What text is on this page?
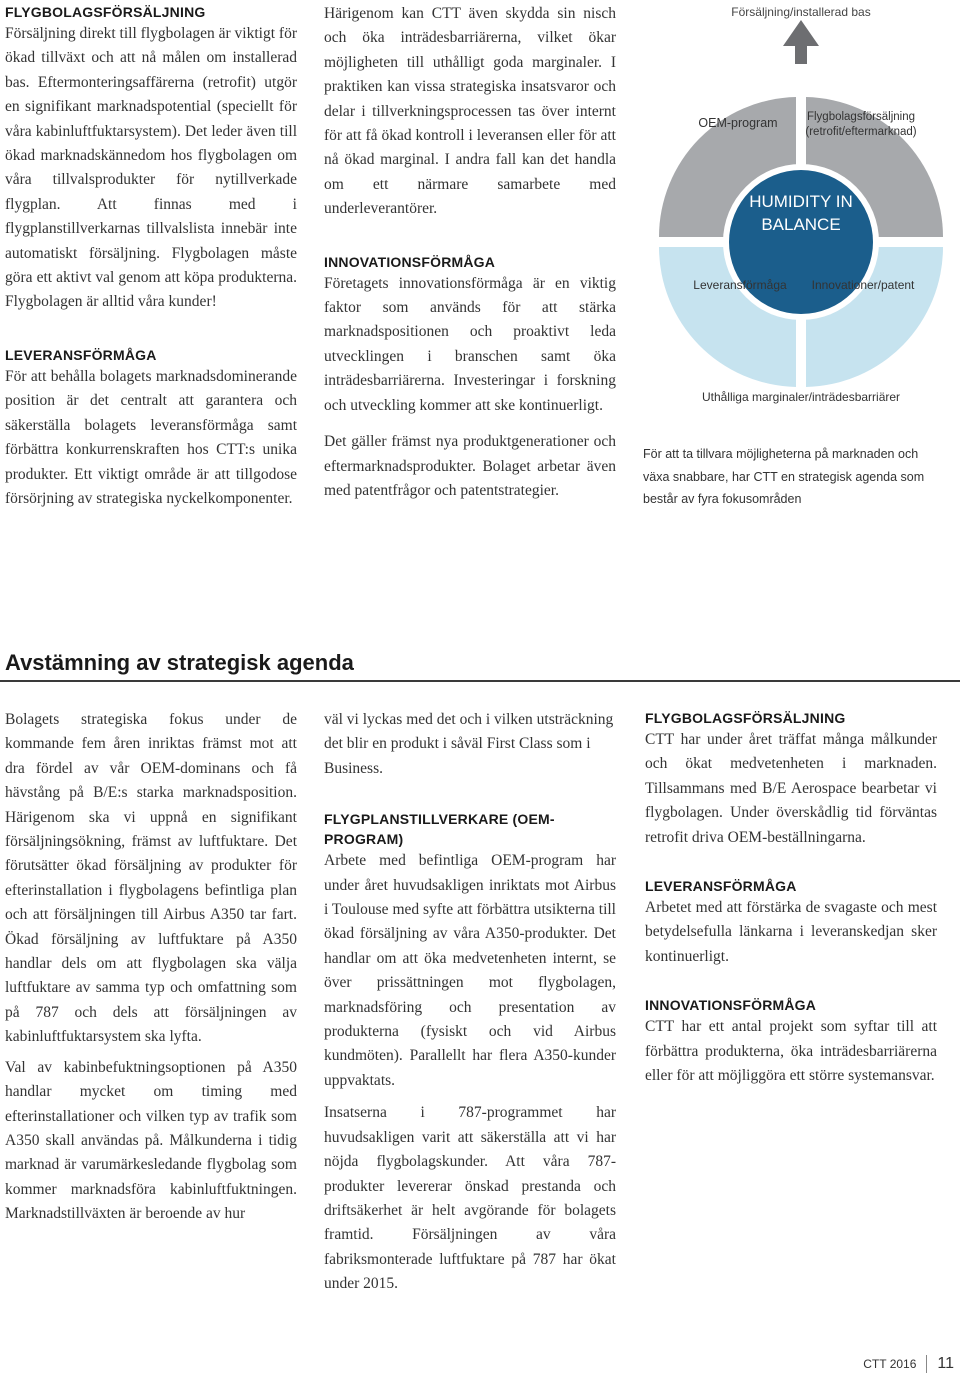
FLYGBOLAGSFÖRSÄLJNING

Försäljning direkt till flygbolagen är viktigt för ökad tillväxt och att nå målen om installerad bas. Eftermonteringsaffärerna (retrofit) utgör en signifikant marknadspotential (speciellt för våra kabinluftfuktarsystem). Det leder även till ökad marknadskännedom hos flygbolagen om våra tillvalsprodukter för nytillverkade flygplan. Att finnas med i flygplanstillverkarnas tillvalslista innebär inte automatiskt försäljning. Flygbolagen måste göra ett aktivt val genom att köpa produkterna. Flygbolagen är alltid våra kunder!

LEVERANSFÖRMÅGA

För att behålla bolagets marknadsdominerande position är det centralt att garantera och säkerställa bolagets leveransförmåga samt förbättra konkurrenskraften hos CTT:s unika produkter. Ett viktigt område är att tillgodose försörjning av strategiska nyckelkomponenter.

Härigenom kan CTT även skydda sin nisch och öka inträdesbarriärerna, vilket ökar möjligheten till uthålligt goda marginaler. I praktiken kan vissa strategiska insatsvaror och delar i tillverkningsprocessen tas över internt för att få ökad kontroll i leveransen eller för att nå ökad marginal. I andra fall kan det handla om ett närmare samarbete med underleverantörer.

INNOVATIONSFÖRMÅGA

Företagets innovationsförmåga är en viktig faktor som används för att stärka marknadspositionen och proaktivt leda utvecklingen i branschen samt öka inträdesbarriärerna. Investeringar i forskning och utveckling kommer att ske kontinuerligt.

Det gäller främst nya produktgenerationer och eftermarknadsprodukter. Bolaget arbetar även med patentfrågor och patentstrategier.

Försäljning/installerad bas
OEM-program	Flygbolagsförsäljning
(retrofit/eftermarknad)
HUMIDITY IN
BALANCE
Leveransförmåga Innovationer/patent
Uthålliga marginaler/inträdesbarriärer

För att ta tillvara möjligheterna på marknaden och växa snabbare, har CTT en strategisk agenda som består av fyra fokusområden

Avstämning av strategisk agenda

Bolagets strategiska fokus under de kommande fem åren inriktas främst mot att dra fördel av vår OEM-dominans och få hävstång på B/E:s starka marknadsposition. Härigenom ska vi uppnå en signifikant försäljningsökning, främst av luftfuktare. Det förutsätter ökad försäljning av produkter för efterinstallation i flygbolagens befintliga plan och att försäljningen till Airbus A350 tar fart. Ökad försäljning av luftfuktare på A350 handlar dels om att flygbolagen ska välja luftfuktare av samma typ och omfattning som på 787 och dels att försäljningen av kabinluftfuktarsystem ska lyfta.

Val av kabinbefuktningsoptionen på A350 handlar mycket om timing med efterinstallationer och vilken typ av trafik som A350 skall användas på. Målkunderna i tidig marknad är varumärkesledande flygbolag som kommer marknadsföra kabinluftfuktningen. Marknadstillväxten är beroende av hur

väl vi lyckas med det och i vilken utsträckning det blir en produkt i såväl First Class som i Business.

FLYGPLANSTILLVERKARE (OEM-PROGRAM)

Arbete med befintliga OEM-program har under året huvudsakligen inriktats mot Airbus i Toulouse med syfte att förbättra utsikterna till ökad försäljning av våra A350-produkter. Det handlar om att öka medvetenheten internt, se över prissättningen mot flygbolagen, marknadsföring och presentation av produkterna (fysiskt och vid Airbus kundmöten). Parallellt har flera A350-kunder uppvaktats.

Insatserna i 787-programmet har huvudsakligen varit att säkerställa att vi har nöjda flygbolagskunder. Att våra 787-produkter levererar önskad prestanda och driftsäkerhet är helt avgörande för bolagets framtid. Försäljningen av våra fabriksmonterade luftfuktare på 787 har ökat under 2015.

FLYGBOLAGSFÖRSÄLJNING

CTT har under året träffat många målkunder och ökat medvetenheten i marknaden. Tillsammans med B/E Aerospace bearbetar vi flygbolagen. Under överskådlig tid förväntas retrofit driva OEM-beställningarna.

LEVERANSFÖRMÅGA

Arbetet med att förstärka de svagaste och mest betydelsefulla länkarna i leveranskedjan sker kontinuerligt.

INNOVATIONSFÖRMÅGA

CTT har ett antal projekt som syftar till att förbättra produkterna, öka inträdesbarriärerna eller för att möjliggöra ett större systemansvar.

CTT 2016	11
